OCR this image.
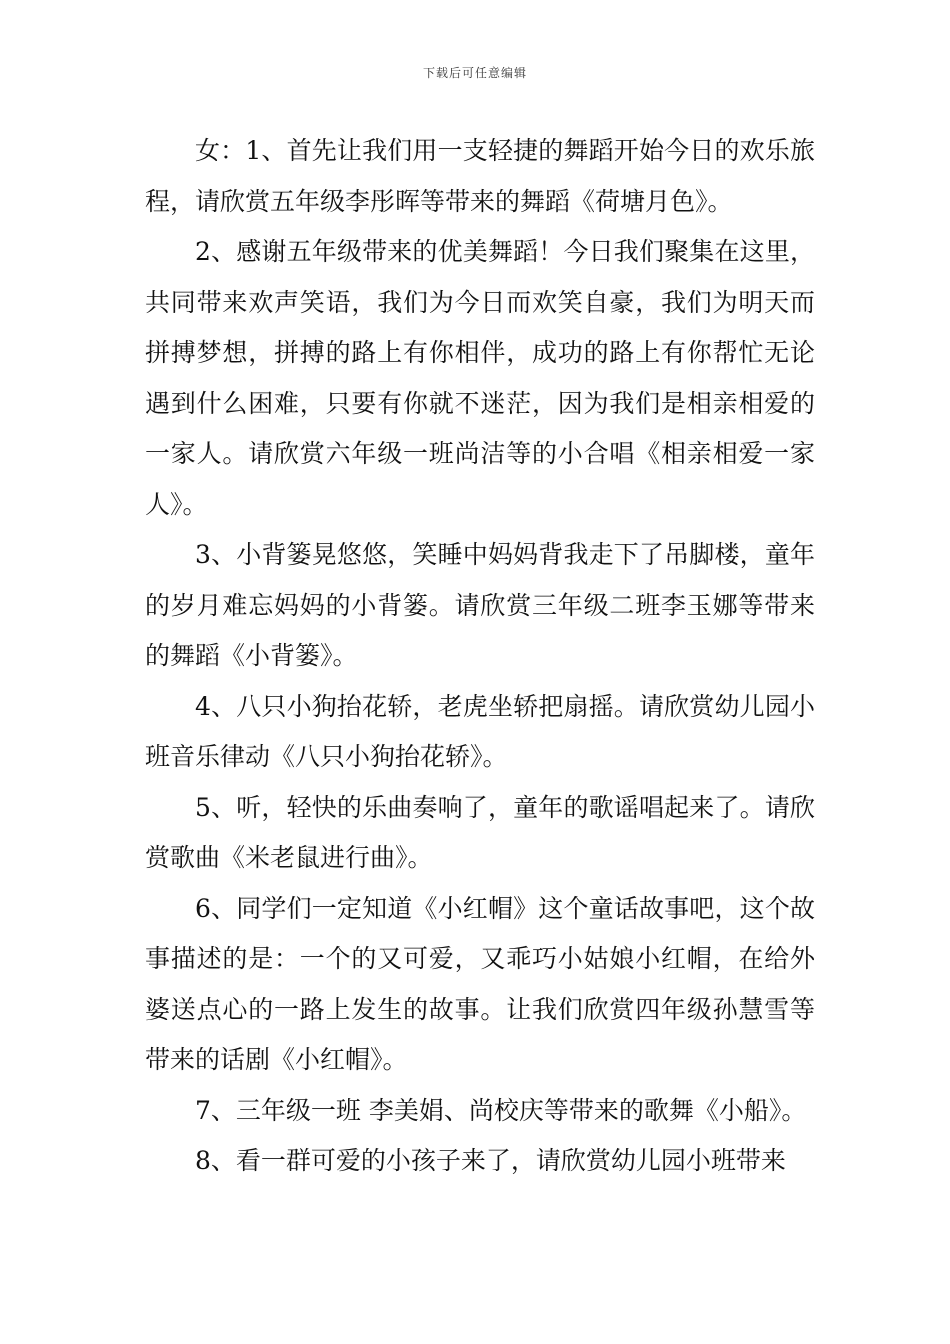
下载后可任意编辑

女：1、首先让我们用一支轻捷的舞蹈开始今日的欢乐旅程，请欣赏五年级李彤晖等带来的舞蹈《荷塘月色》。

2、感谢五年级带来的优美舞蹈！今日我们聚集在这里，共同带来欢声笑语，我们为今日而欢笑自豪，我们为明天而拼搏梦想，拼搏的路上有你相伴，成功的路上有你帮忙无论遇到什么困难，只要有你就不迷茫，因为我们是相亲相爱的一家人。请欣赏六年级一班尚洁等的小合唱《相亲相爱一家人》。

3、小背篓晃悠悠，笑睡中妈妈背我走下了吊脚楼，童年的岁月难忘妈妈的小背篓。请欣赏三年级二班李玉娜等带来的舞蹈《小背篓》。

4、八只小狗抬花轿，老虎坐轿把扇摇。请欣赏幼儿园小班音乐律动《八只小狗抬花轿》。

5、听，轻快的乐曲奏响了，童年的歌谣唱起来了。请欣赏歌曲《米老鼠进行曲》。

6、同学们一定知道《小红帽》这个童话故事吧，这个故事描述的是：一个的又可爱，又乖巧小姑娘小红帽，在给外婆送点心的一路上发生的故事。让我们欣赏四年级孙慧雪等带来的话剧《小红帽》。

7、三年级一班 李美娟、尚校庆等带来的歌舞《小船》。

8、看一群可爱的小孩子来了，请欣赏幼儿园小班带来
